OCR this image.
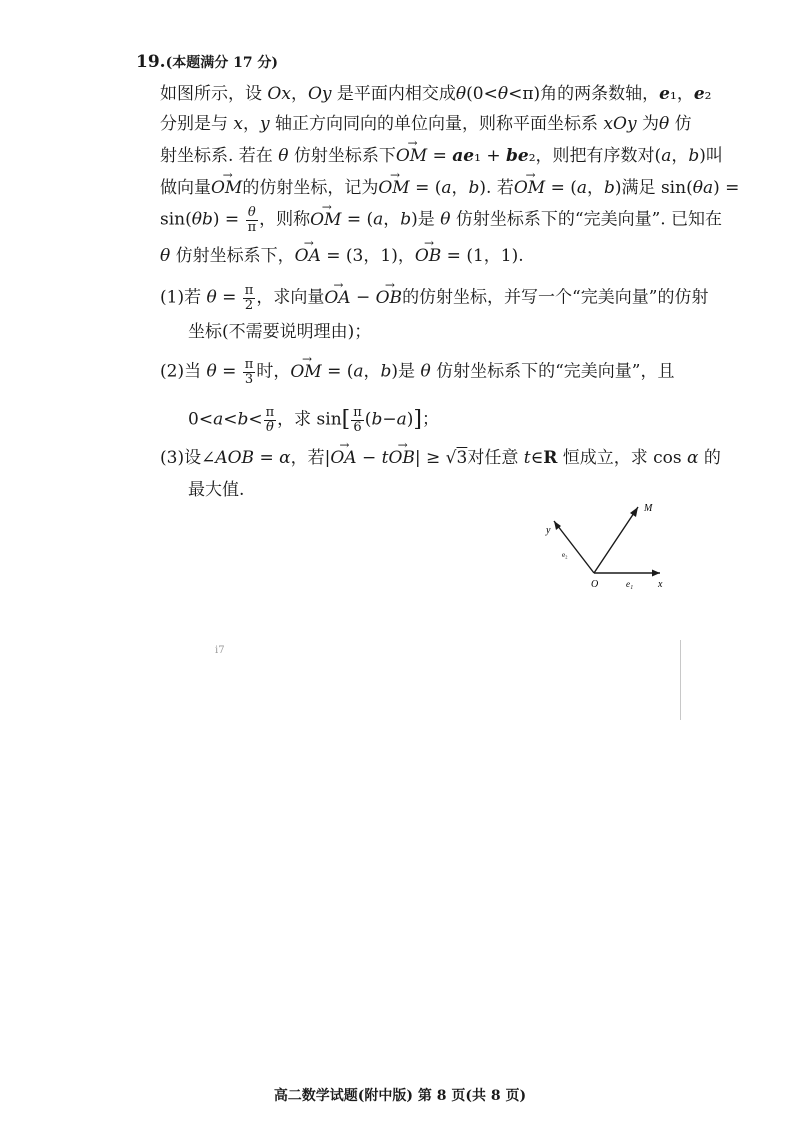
19.(本题满分 17 分)
如图所示，设 Ox，Oy 是平面内相交成θ(0<θ<π)角的两条数轴，e₁，e₂
分别是与 x，y 轴正方向同向的单位向量，则称平面坐标系 xOy 为θ 仿
射坐标系. 若在 θ 仿射坐标系下→ OM = ae₁ + be₂，则把有序数对(a，b)叫
做向量→ OM的仿射坐标，记为→ OM = (a，b). 若→ OM = (a，b)满足 sin(θa) =
$\sin(\theta b) = \frac{\theta}{\pi}$ ，则称→ OM = (a，b)是 θ 仿射坐标系下的“完美向量”. 已知在
θ 仿射坐标系下，→ OA = (3，1)，→ OB = (1，1).
(1)若 $\theta = \frac{\pi}{2}$ ，求向量→ OA − → OB的仿射坐标，并写一个“完美向量”的仿射
坐标(不需要说明理由)；
(2)当 $\theta = \frac{\pi}{3}$ 时，→ OM = (a，b)是 θ 仿射坐标系下的“完美向量”，且
$0<a<b< \frac{\pi}{\theta}$ ，求 $\sin[ \frac{\pi}{6} (b-a)]$；
(3)设∠AOB = α，若|→ OA − t→ OB| ≥ √3对任意 t∈R 恒成立，求 cos α 的
最大值.
y
M
e₂
O	e₁ x
i7
高二数学试题(附中版) 第 8 页(共 8 页)
